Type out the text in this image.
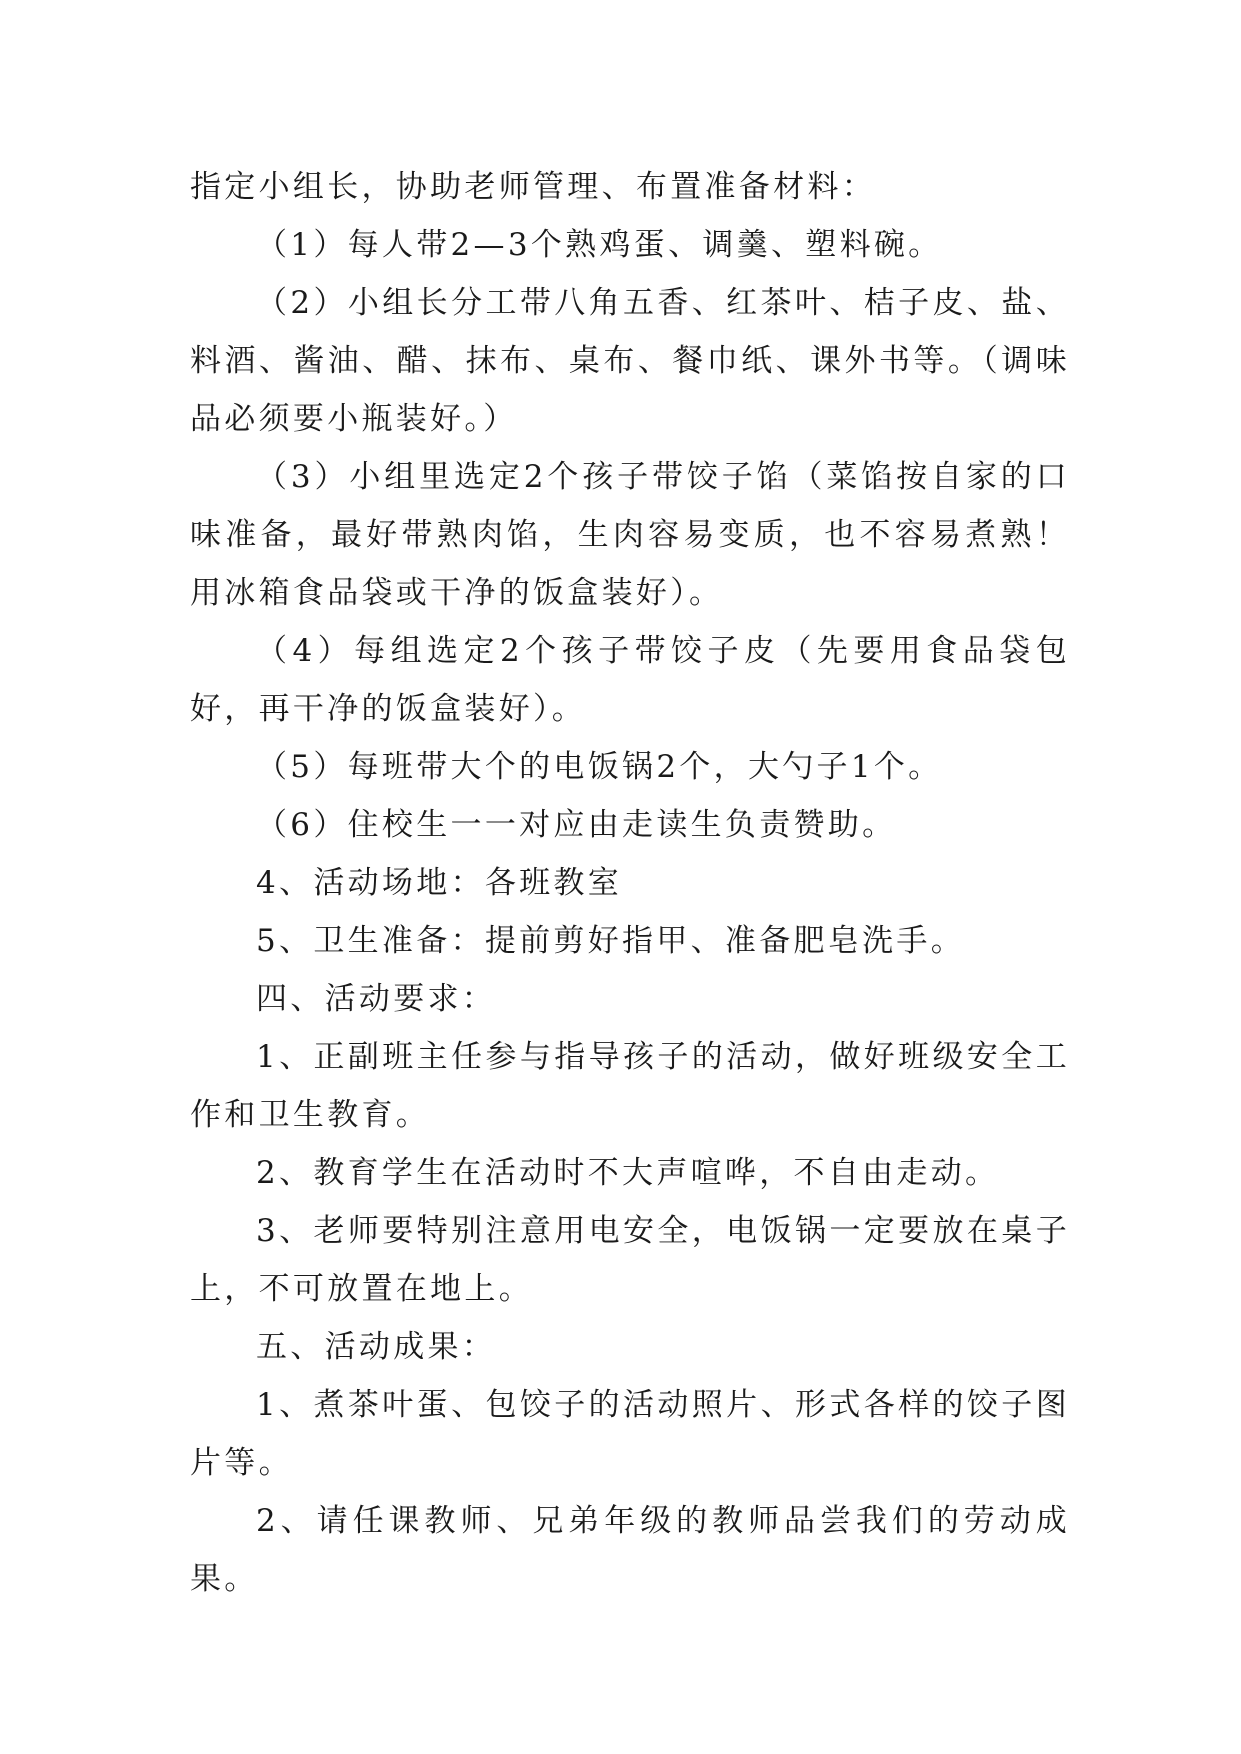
指定小组长，协助老师管理、布置准备材料：

（1）每人带2—3个熟鸡蛋、调羹、塑料碗。

（2）小组长分工带八角五香、红茶叶、桔子皮、盐、料酒、酱油、醋、抹布、桌布、餐巾纸、课外书等。（调味品必须要小瓶装好。）

（3）小组里选定2个孩子带饺子馅（菜馅按自家的口味准备，最好带熟肉馅，生肉容易变质，也不容易煮熟！用冰箱食品袋或干净的饭盒装好）。

（4）每组选定2个孩子带饺子皮（先要用食品袋包好，再干净的饭盒装好）。

（5）每班带大个的电饭锅2个，大勺子1个。

（6）住校生一一对应由走读生负责赞助。

4、活动场地：各班教室

5、卫生准备：提前剪好指甲、准备肥皂洗手。

四、活动要求：

1、正副班主任参与指导孩子的活动，做好班级安全工作和卫生教育。

2、教育学生在活动时不大声喧哗，不自由走动。

3、老师要特别注意用电安全，电饭锅一定要放在桌子上，不可放置在地上。

五、活动成果：

1、煮茶叶蛋、包饺子的活动照片、形式各样的饺子图片等。

2、请任课教师、兄弟年级的教师品尝我们的劳动成果。
